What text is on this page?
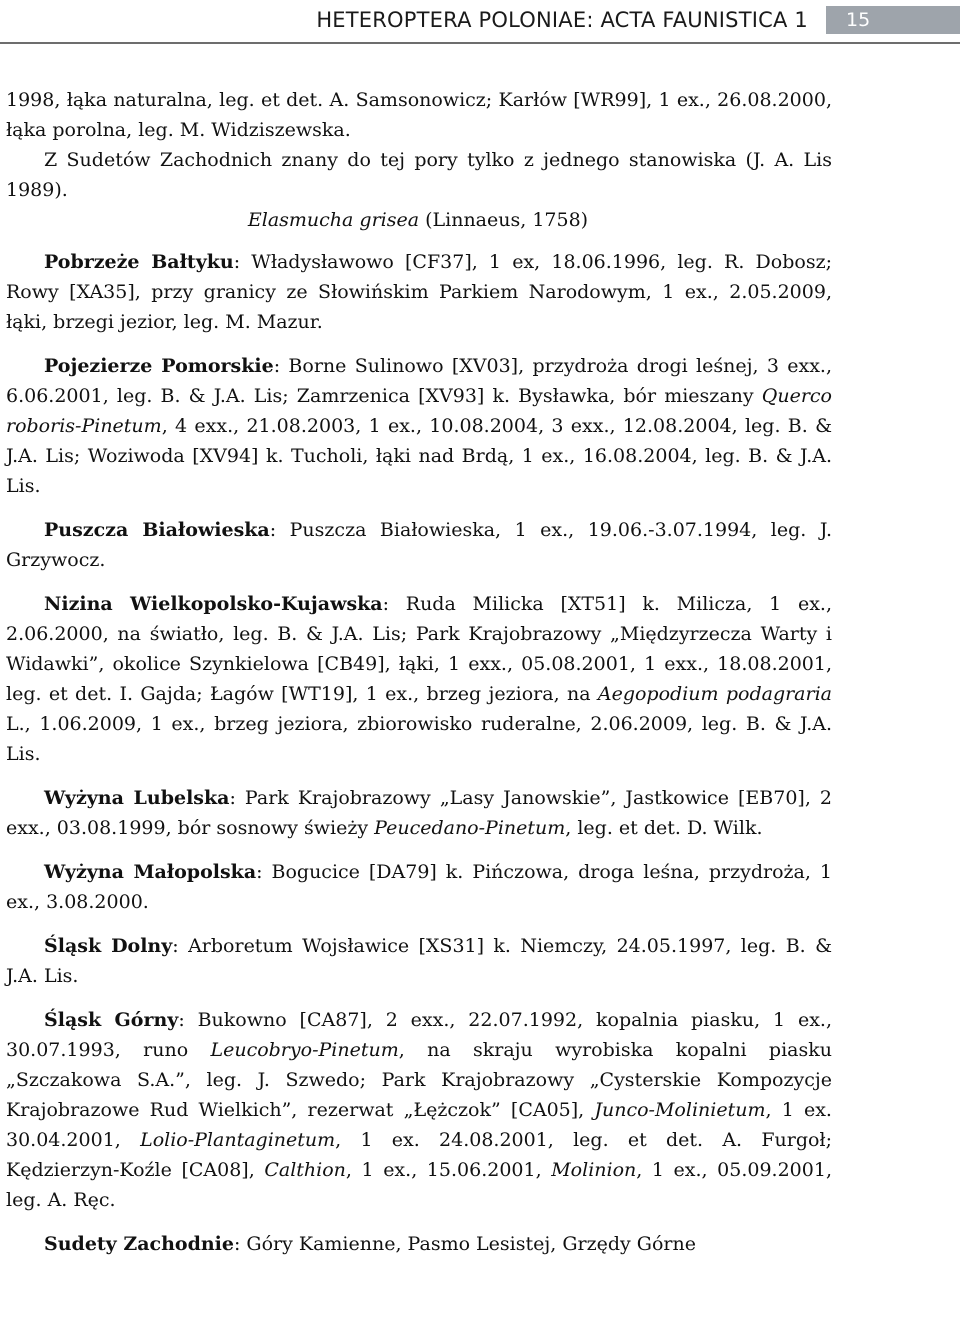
HETEROPTERA POLONIAE: ACTA FAUNISTICA 1	15

1998, łąka naturalna, leg. et det. A. Samsonowicz; Karłów [WR99], 1 ex., 26.08.2000, łąka porolna, leg. M. Widziszewska.

Z Sudetów Zachodnich znany do tej pory tylko z jednego stanowiska (J. A. Lis 1989).

Elasmucha grisea (Linnaeus, 1758)

Pobrzeże Bałtyku: Władysławowo [CF37], 1 ex, 18.06.1996, leg. R. Dobosz; Rowy [XA35], przy granicy ze Słowińskim Parkiem Narodowym, 1 ex., 2.05.2009, łąki, brzegi jezior, leg. M. Mazur.

Pojezierze Pomorskie: Borne Sulinowo [XV03], przydroża drogi leśnej, 3 exx., 6.06.2001, leg. B. & J.A. Lis; Zamrzenica [XV93] k. Bysławka, bór mieszany Querco roboris-Pinetum, 4 exx., 21.08.2003, 1 ex., 10.08.2004, 3 exx., 12.08.2004, leg. B. & J.A. Lis; Woziwoda [XV94] k. Tucholi, łąki nad Brdą, 1 ex., 16.08.2004, leg. B. & J.A. Lis.

Puszcza Białowieska: Puszcza Białowieska, 1 ex., 19.06.-3.07.1994, leg. J. Grzywocz.

Nizina Wielkopolsko-Kujawska: Ruda Milicka [XT51] k. Milicza, 1 ex., 2.06.2000, na światło, leg. B. & J.A. Lis; Park Krajobrazowy „Międzyrzecza Warty i Widawki”, okolice Szynkielowa [CB49], łąki, 1 exx., 05.08.2001, 1 exx., 18.08.2001, leg. et det. I. Gajda; Łagów [WT19], 1 ex., brzeg jeziora, na Aegopodium podagraria L., 1.06.2009, 1 ex., brzeg jeziora, zbiorowisko ruderalne, 2.06.2009, leg. B. & J.A. Lis.

Wyżyna Lubelska: Park Krajobrazowy „Lasy Janowskie”, Jastkowice [EB70], 2 exx., 03.08.1999, bór sosnowy świeży Peucedano-Pinetum, leg. et det. D. Wilk.

Wyżyna Małopolska: Bogucice [DA79] k. Pińczowa, droga leśna, przydroża, 1 ex., 3.08.2000.

Śląsk Dolny: Arboretum Wojsławice [XS31] k. Niemczy, 24.05.1997, leg. B. & J.A. Lis.

Śląsk Górny: Bukowno [CA87], 2 exx., 22.07.1992, kopalnia piasku, 1 ex., 30.07.1993, runo Leucobryo-Pinetum, na skraju wyrobiska kopalni piasku „Szczakowa S.A.”, leg. J. Szwedo; Park Krajobrazowy „Cysterskie Kompozycje Krajobrazowe Rud Wielkich”, rezerwat „Łężczok” [CA05], Junco-Molinietum, 1 ex. 30.04.2001, Lolio-Plantaginetum, 1 ex. 24.08.2001, leg. et det. A. Furgoł; Kędzierzyn-Koźle [CA08], Calthion, 1 ex., 15.06.2001, Molinion, 1 ex., 05.09.2001, leg. A. Ręc.

Sudety Zachodnie: Góry Kamienne, Pasmo Lesistej, Grzędy Górne
